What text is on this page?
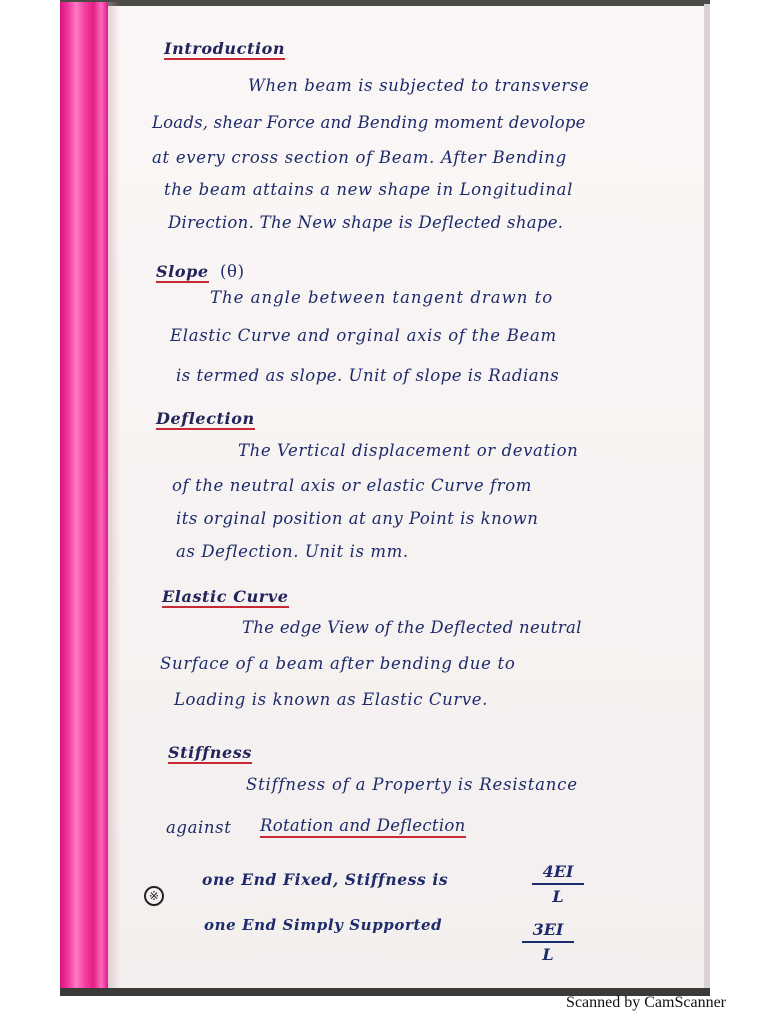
Introduction
When beam is subjected to transverse
Loads, shear Force and Bending moment devolope
at every cross section of Beam. After Bending
the beam attains a new shape in Longitudinal
Direction. The New shape is Deflected shape.
Slope (θ)
The angle between tangent drawn to
Elastic Curve and orginal axis of the Beam
is termed as slope. Unit of slope is Radians
Deflection
The Vertical displacement or devation
of the neutral axis or elastic Curve from
its orginal position at any Point is known
as Deflection. Unit is mm.
Elastic Curve
The edge View of the Deflected neutral
Surface of a beam after bending due to
Loading is known as Elastic Curve.
Stiffness
Stiffness of a Property is Resistance
against Rotation and Deflection
※
one End Fixed, Stiffness is	$\frac{4EI}{L}$
one End Simply Supported	$\frac{3EI}{L}$
Scanned by CamScanner
